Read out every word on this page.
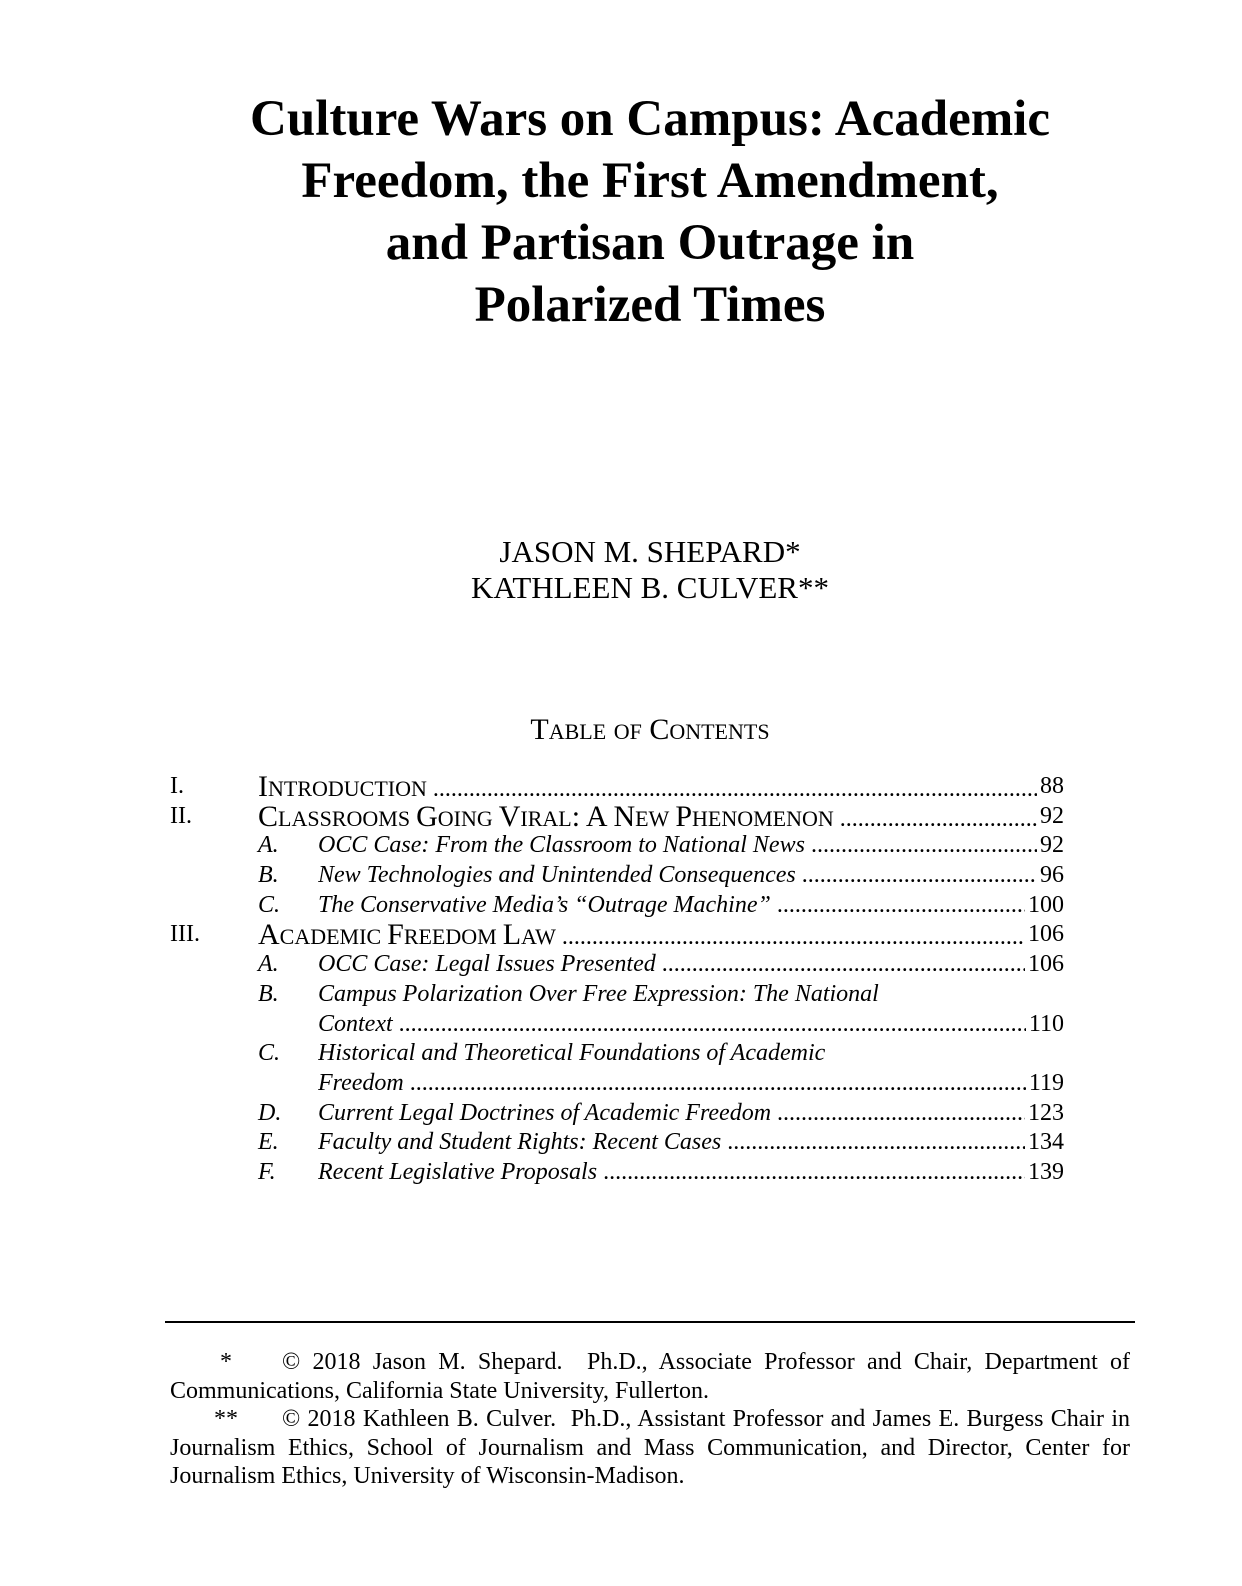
Culture Wars on Campus: Academic
Freedom, the First Amendment,
and Partisan Outrage in
Polarized Times
JASON M. SHEPARD*
KATHLEEN B. CULVER**
TABLE OF CONTENTS
I. INTRODUCTION	88
.....
II. CLASSROOMS GOING VIRAL: A NEW PHENOMENON	92
.....
A. OCC Case: From the Classroom to National News	92
.....
B. New Technologies and Unintended Consequences	96
.....
C. The Conservative Media’s “Outrage Machine”	100
.....
III. ACADEMIC FREEDOM LAW	106
.....
A. OCC Case: Legal Issues Presented	106
.....
B. Campus Polarization Over Free Expression: The National
Context	110
.....
C. Historical and Theoretical Foundations of Academic
Freedom	119
.....
D. Current Legal Doctrines of Academic Freedom	123
.....
E. Faculty and Student Rights: Recent Cases	134
.....
F. Recent Legislative Proposals	139
.....

* © 2018 Jason M. Shepard.  Ph.D., Associate Professor and Chair, Department of Communications, California State University, Fullerton.

** © 2018 Kathleen B. Culver.  Ph.D., Assistant Professor and James E. Burgess Chair in Journalism Ethics, School of Journalism and Mass Communication, and Director, Center for Journalism Ethics, University of Wisconsin-Madison.
